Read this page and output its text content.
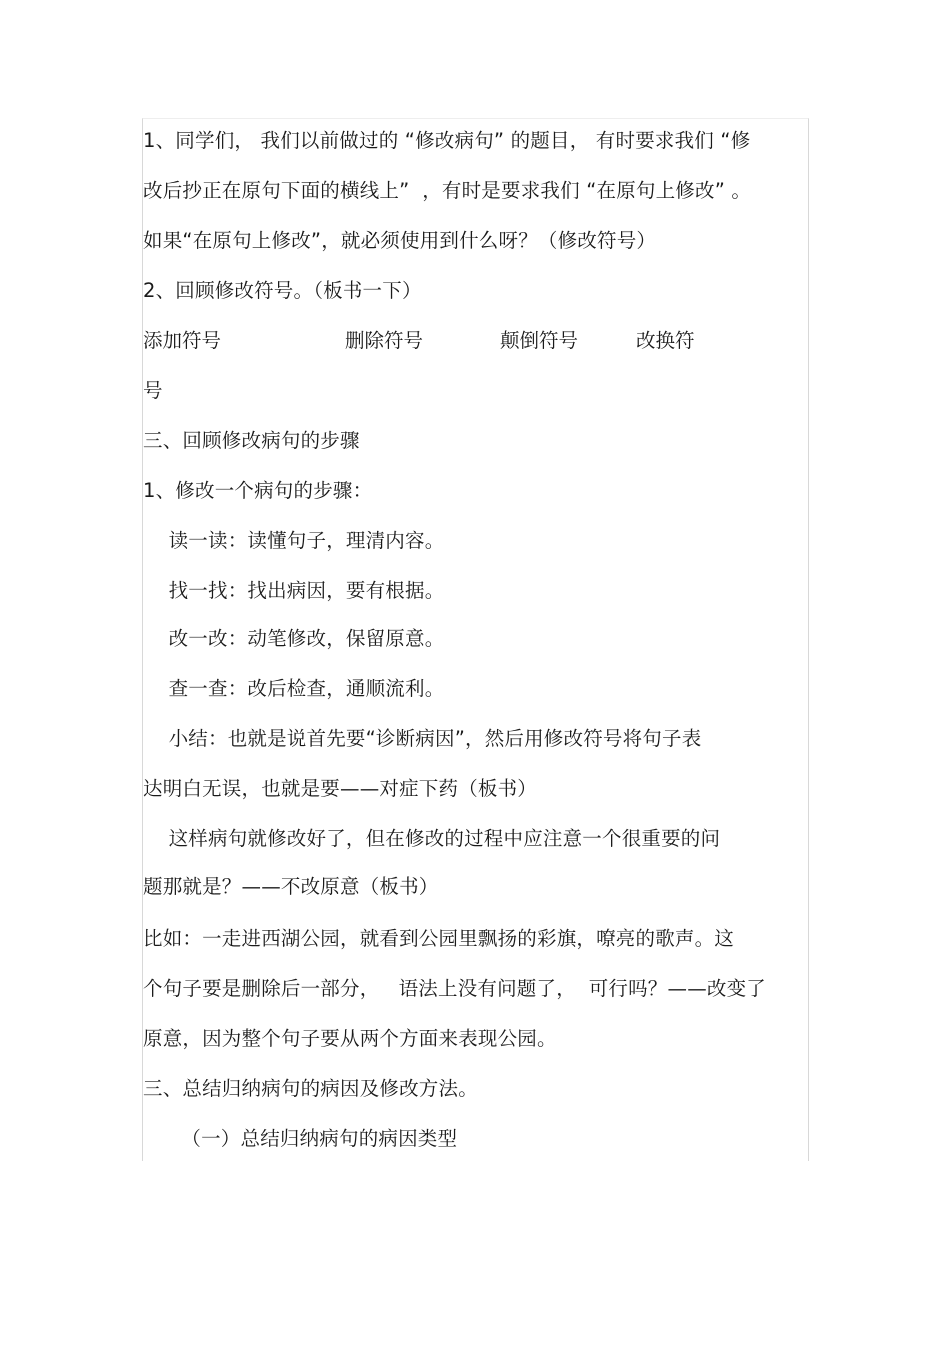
1、同学们， 我们以前做过的 “修改病句” 的题目， 有时要求我们 “修
改后抄正在原句下面的横线上”  ，有时是要求我们 “在原句上修改” 。
如果“在原句上修改”，就必须使用到什么呀？（修改符号）
2、回顾修改符号。（板书一下）
添加符号	删除符号	颠倒符号	改换符
号
三、回顾修改病句的步骤
1、修改一个病句的步骤：
读一读：读懂句子，理清内容。
找一找：找出病因，要有根据。
改一改：动笔修改，保留原意。
查一查：改后检查，通顺流利。
小结：也就是说首先要“诊断病因”，然后用修改符号将句子表
达明白无误，也就是要——对症下药（板书）
这样病句就修改好了，但在修改的过程中应注意一个很重要的问
题那就是？——不改原意（板书）
比如：一走进西湖公园，就看到公园里飘扬的彩旗，嘹亮的歌声。这
个句子要是删除后一部分，   语法上没有问题了，  可行吗？——改变了
原意，因为整个句子要从两个方面来表现公园。
三、总结归纳病句的病因及修改方法。
（一）总结归纳病句的病因类型
